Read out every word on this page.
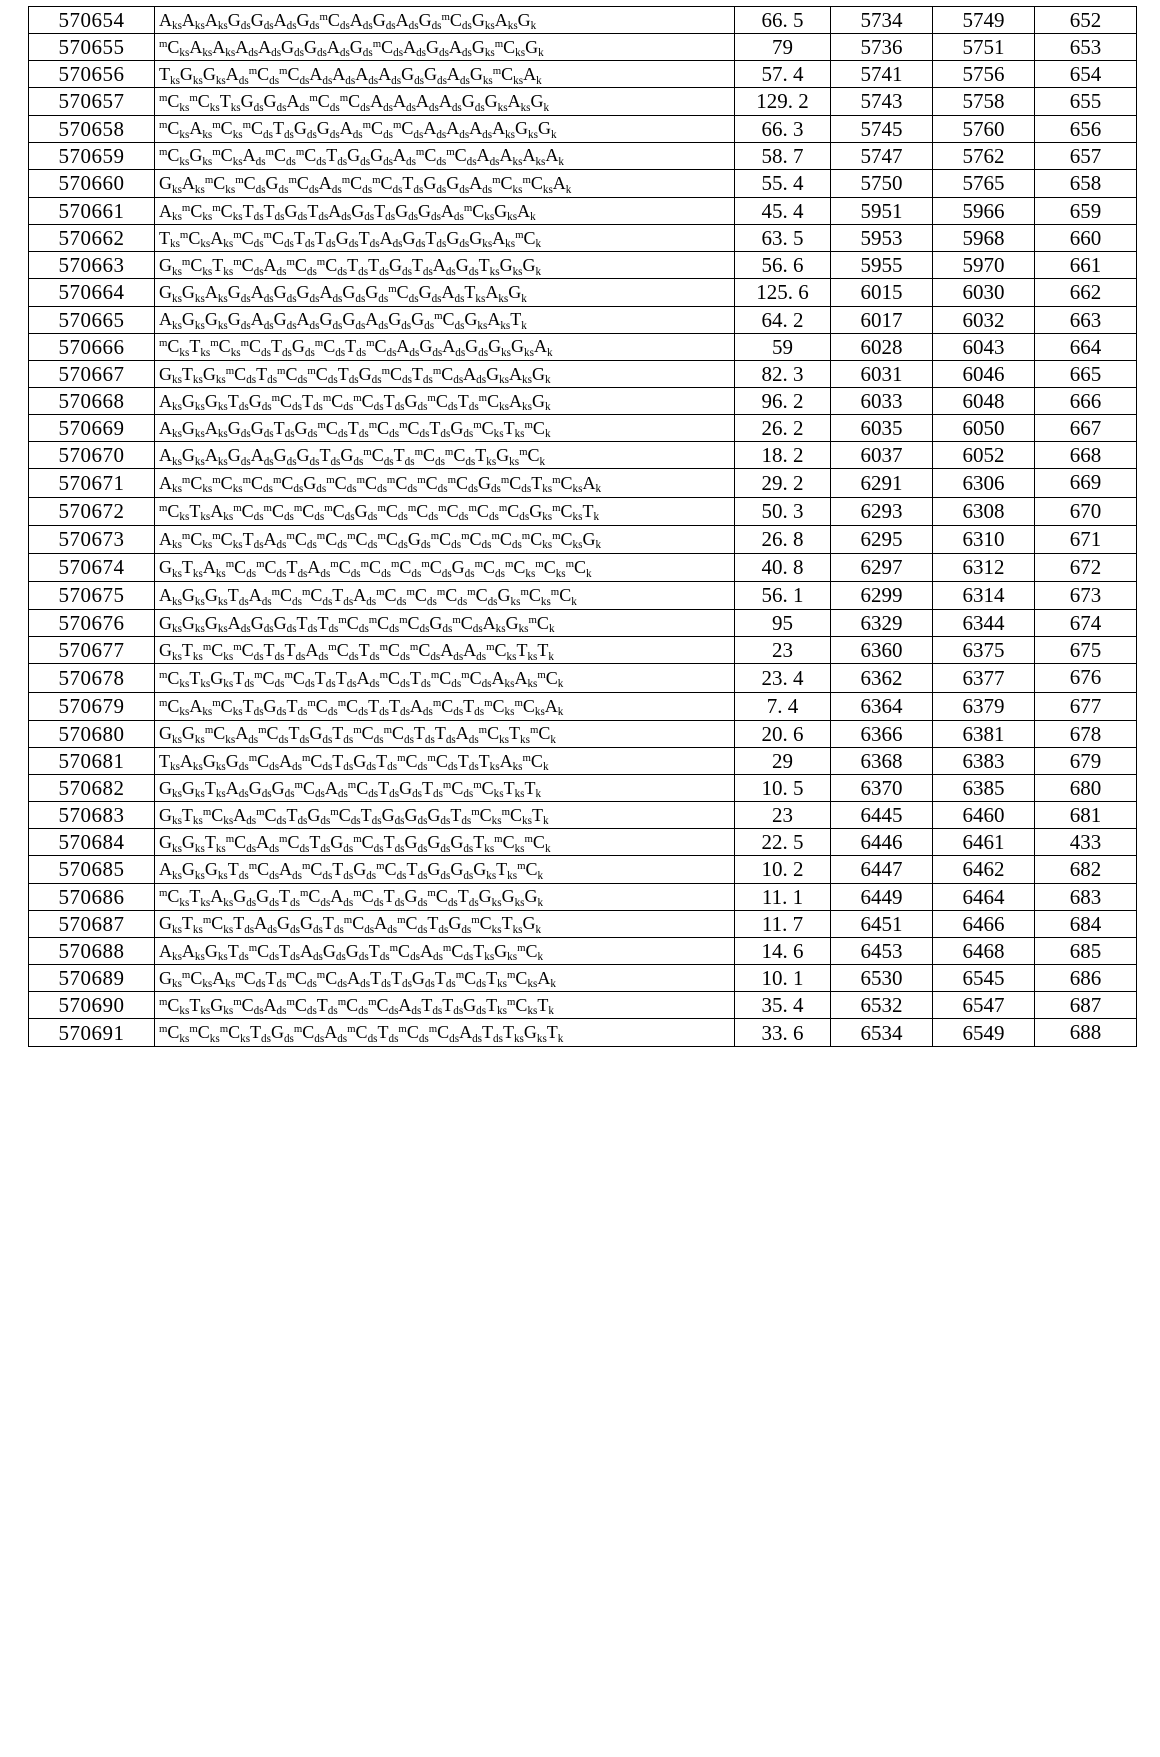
570654	$A_{ks}A_{ks}A_{ks}G_{ds}G_{ds}A_{ds}G_{ds}^mC_{ds}A_{ds}G_{ds}A_{ds}G_{ds}^mC_{ds}G_{ks}A_{ks}G_k$	66. 5	5734	5749	652
570655	$^mC_{ks}A_{ks}A_{ks}A_{ds}A_{ds}G_{ds}G_{ds}A_{ds}G_{ds}^mC_{ds}A_{ds}G_{ds}A_{ds}G_{ks}^mC_{ks}G_k$	79	5736	5751	653
570656	$T_{ks}G_{ks}G_{ks}A_{ds}^mC_{ds}^mC_{ds}A_{ds}A_{ds}A_{ds}A_{ds}G_{ds}G_{ds}A_{ds}G_{ks}^mC_{ks}A_k$	57. 4	5741	5756	654
570657	$^mC_{ks}^mC_{ks}T_{ks}G_{ds}G_{ds}A_{ds}^mC_{ds}^mC_{ds}A_{ds}A_{ds}A_{ds}A_{ds}G_{ds}G_{ks}A_{ks}G_k$	129. 2	5743	5758	655
570658	$^mC_{ks}A_{ks}^mC_{ks}^mC_{ds}T_{ds}G_{ds}G_{ds}A_{ds}^mC_{ds}^mC_{ds}A_{ds}A_{ds}A_{ds}A_{ks}G_{ks}G_k$	66. 3	5745	5760	656
570659	$^mC_{ks}G_{ks}^mC_{ks}A_{ds}^mC_{ds}^mC_{ds}T_{ds}G_{ds}G_{ds}A_{ds}^mC_{ds}^mC_{ds}A_{ds}A_{ks}A_{ks}A_k$	58. 7	5747	5762	657
570660	$G_{ks}A_{ks}^mC_{ks}^mC_{ds}G_{ds}^mC_{ds}A_{ds}^mC_{ds}^mC_{ds}T_{ds}G_{ds}G_{ds}A_{ds}^mC_{ks}^mC_{ks}A_k$	55. 4	5750	5765	658
570661	$A_{ks}^mC_{ks}^mC_{ks}T_{ds}T_{ds}G_{ds}T_{ds}A_{ds}G_{ds}T_{ds}G_{ds}G_{ds}A_{ds}^mC_{ks}G_{ks}A_k$	45. 4	5951	5966	659
570662	$T_{ks}^mC_{ks}A_{ks}^mC_{ds}^mC_{ds}T_{ds}T_{ds}G_{ds}T_{ds}A_{ds}G_{ds}T_{ds}G_{ds}G_{ks}A_{ks}^mC_k$	63. 5	5953	5968	660
570663	$G_{ks}^mC_{ks}T_{ks}^mC_{ds}A_{ds}^mC_{ds}^mC_{ds}T_{ds}T_{ds}G_{ds}T_{ds}A_{ds}G_{ds}T_{ks}G_{ks}G_k$	56. 6	5955	5970	661
570664	$G_{ks}G_{ks}A_{ks}G_{ds}A_{ds}G_{ds}G_{ds}A_{ds}G_{ds}G_{ds}^mC_{ds}G_{ds}A_{ds}T_{ks}A_{ks}G_k$	125. 6	6015	6030	662
570665	$A_{ks}G_{ks}G_{ks}G_{ds}A_{ds}G_{ds}A_{ds}G_{ds}G_{ds}A_{ds}G_{ds}G_{ds}^mC_{ds}G_{ks}A_{ks}T_k$	64. 2	6017	6032	663
570666	$^mC_{ks}T_{ks}^mC_{ks}^mC_{ds}T_{ds}G_{ds}^mC_{ds}T_{ds}^mC_{ds}A_{ds}G_{ds}A_{ds}G_{ds}G_{ks}G_{ks}A_k$	59	6028	6043	664
570667	$G_{ks}T_{ks}G_{ks}^mC_{ds}T_{ds}^mC_{ds}^mC_{ds}T_{ds}G_{ds}^mC_{ds}T_{ds}^mC_{ds}A_{ds}G_{ks}A_{ks}G_k$	82. 3	6031	6046	665
570668	$A_{ks}G_{ks}G_{ks}T_{ds}G_{ds}^mC_{ds}T_{ds}^mC_{ds}^mC_{ds}T_{ds}G_{ds}^mC_{ds}T_{ds}^mC_{ks}A_{ks}G_k$	96. 2	6033	6048	666
570669	$A_{ks}G_{ks}A_{ks}G_{ds}G_{ds}T_{ds}G_{ds}^mC_{ds}T_{ds}^mC_{ds}^mC_{ds}T_{ds}G_{ds}^mC_{ks}T_{ks}^mC_k$	26. 2	6035	6050	667
570670	$A_{ks}G_{ks}A_{ks}G_{ds}A_{ds}G_{ds}G_{ds}T_{ds}G_{ds}^mC_{ds}T_{ds}^mC_{ds}^mC_{ds}T_{ks}G_{ks}^mC_k$	18. 2	6037	6052	668
570671	$A_{ks}^mC_{ks}^mC_{ks}^mC_{ds}^mC_{ds}G_{ds}^mC_{ds}^mC_{ds}^mC_{ds}^mC_{ds}^mC_{ds}G_{ds}^mC_{ds}T_{ks}^mC_{ks}A_k$	29. 2	6291	6306	669
570672	$^mC_{ks}T_{ks}A_{ks}^mC_{ds}^mC_{ds}^mC_{ds}^mC_{ds}G_{ds}^mC_{ds}^mC_{ds}^mC_{ds}^mC_{ds}^mC_{ds}G_{ks}^mC_{ks}T_k$	50. 3	6293	6308	670
570673	$A_{ks}^mC_{ks}^mC_{ks}T_{ds}A_{ds}^mC_{ds}^mC_{ds}^mC_{ds}^mC_{ds}G_{ds}^mC_{ds}^mC_{ds}^mC_{ds}^mC_{ks}^mC_{ks}G_k$	26. 8	6295	6310	671
570674	$G_{ks}T_{ks}A_{ks}^mC_{ds}^mC_{ds}T_{ds}A_{ds}^mC_{ds}^mC_{ds}^mC_{ds}^mC_{ds}G_{ds}^mC_{ds}^mC_{ks}^mC_{ks}^mC_k$	40. 8	6297	6312	672
570675	$A_{ks}G_{ks}G_{ks}T_{ds}A_{ds}^mC_{ds}^mC_{ds}T_{ds}A_{ds}^mC_{ds}^mC_{ds}^mC_{ds}^mC_{ds}G_{ks}^mC_{ks}^mC_k$	56. 1	6299	6314	673
570676	$G_{ks}G_{ks}G_{ks}A_{ds}G_{ds}G_{ds}T_{ds}T_{ds}^mC_{ds}^mC_{ds}^mC_{ds}G_{ds}^mC_{ds}A_{ks}G_{ks}^mC_k$	95	6329	6344	674
570677	$G_{ks}T_{ks}^mC_{ks}^mC_{ds}T_{ds}T_{ds}A_{ds}^mC_{ds}T_{ds}^mC_{ds}^mC_{ds}A_{ds}A_{ds}^mC_{ks}T_{ks}T_k$	23	6360	6375	675
570678	$^mC_{ks}T_{ks}G_{ks}T_{ds}^mC_{ds}^mC_{ds}T_{ds}T_{ds}A_{ds}^mC_{ds}T_{ds}^mC_{ds}^mC_{ds}A_{ks}A_{ks}^mC_k$	23. 4	6362	6377	676
570679	$^mC_{ks}A_{ks}^mC_{ks}T_{ds}G_{ds}T_{ds}^mC_{ds}^mC_{ds}T_{ds}T_{ds}A_{ds}^mC_{ds}T_{ds}^mC_{ks}^mC_{ks}A_k$	7. 4	6364	6379	677
570680	$G_{ks}G_{ks}^mC_{ks}A_{ds}^mC_{ds}T_{ds}G_{ds}T_{ds}^mC_{ds}^mC_{ds}T_{ds}T_{ds}A_{ds}^mC_{ks}T_{ks}^mC_k$	20. 6	6366	6381	678
570681	$T_{ks}A_{ks}G_{ks}G_{ds}^mC_{ds}A_{ds}^mC_{ds}T_{ds}G_{ds}T_{ds}^mC_{ds}^mC_{ds}T_{ds}T_{ks}A_{ks}^mC_k$	29	6368	6383	679
570682	$G_{ks}G_{ks}T_{ks}A_{ds}G_{ds}G_{ds}^mC_{ds}A_{ds}^mC_{ds}T_{ds}G_{ds}T_{ds}^mC_{ds}^mC_{ks}T_{ks}T_k$	10. 5	6370	6385	680
570683	$G_{ks}T_{ks}^mC_{ks}A_{ds}^mC_{ds}T_{ds}G_{ds}^mC_{ds}T_{ds}G_{ds}G_{ds}G_{ds}T_{ds}^mC_{ks}^mC_{ks}T_k$	23	6445	6460	681
570684	$G_{ks}G_{ks}T_{ks}^mC_{ds}A_{ds}^mC_{ds}T_{ds}G_{ds}^mC_{ds}T_{ds}G_{ds}G_{ds}G_{ds}T_{ks}^mC_{ks}^mC_k$	22. 5	6446	6461	433
570685	$A_{ks}G_{ks}G_{ks}T_{ds}^mC_{ds}A_{ds}^mC_{ds}T_{ds}G_{ds}^mC_{ds}T_{ds}G_{ds}G_{ds}G_{ks}T_{ks}^mC_k$	10. 2	6447	6462	682
570686	$^mC_{ks}T_{ks}A_{ks}G_{ds}G_{ds}T_{ds}^mC_{ds}A_{ds}^mC_{ds}T_{ds}G_{ds}^mC_{ds}T_{ds}G_{ks}G_{ks}G_k$	11. 1	6449	6464	683
570687	$G_{ks}T_{ks}^mC_{ks}T_{ds}A_{ds}G_{ds}G_{ds}T_{ds}^mC_{ds}A_{ds}^mC_{ds}T_{ds}G_{ds}^mC_{ks}T_{ks}G_k$	11. 7	6451	6466	684
570688	$A_{ks}A_{ks}G_{ks}T_{ds}^mC_{ds}T_{ds}A_{ds}G_{ds}G_{ds}T_{ds}^mC_{ds}A_{ds}^mC_{ds}T_{ks}G_{ks}^mC_k$	14. 6	6453	6468	685
570689	$G_{ks}^mC_{ks}A_{ks}^mC_{ds}T_{ds}^mC_{ds}^mC_{ds}A_{ds}T_{ds}T_{ds}G_{ds}T_{ds}^mC_{ds}T_{ks}^mC_{ks}A_k$	10. 1	6530	6545	686
570690	$^mC_{ks}T_{ks}G_{ks}^mC_{ds}A_{ds}^mC_{ds}T_{ds}^mC_{ds}^mC_{ds}A_{ds}T_{ds}T_{ds}G_{ds}T_{ks}^mC_{ks}T_k$	35. 4	6532	6547	687
570691	$^mC_{ks}^mC_{ks}^mC_{ks}T_{ds}G_{ds}^mC_{ds}A_{ds}^mC_{ds}T_{ds}^mC_{ds}^mC_{ds}A_{ds}T_{ds}T_{ks}G_{ks}T_k$	33. 6	6534	6549	688
